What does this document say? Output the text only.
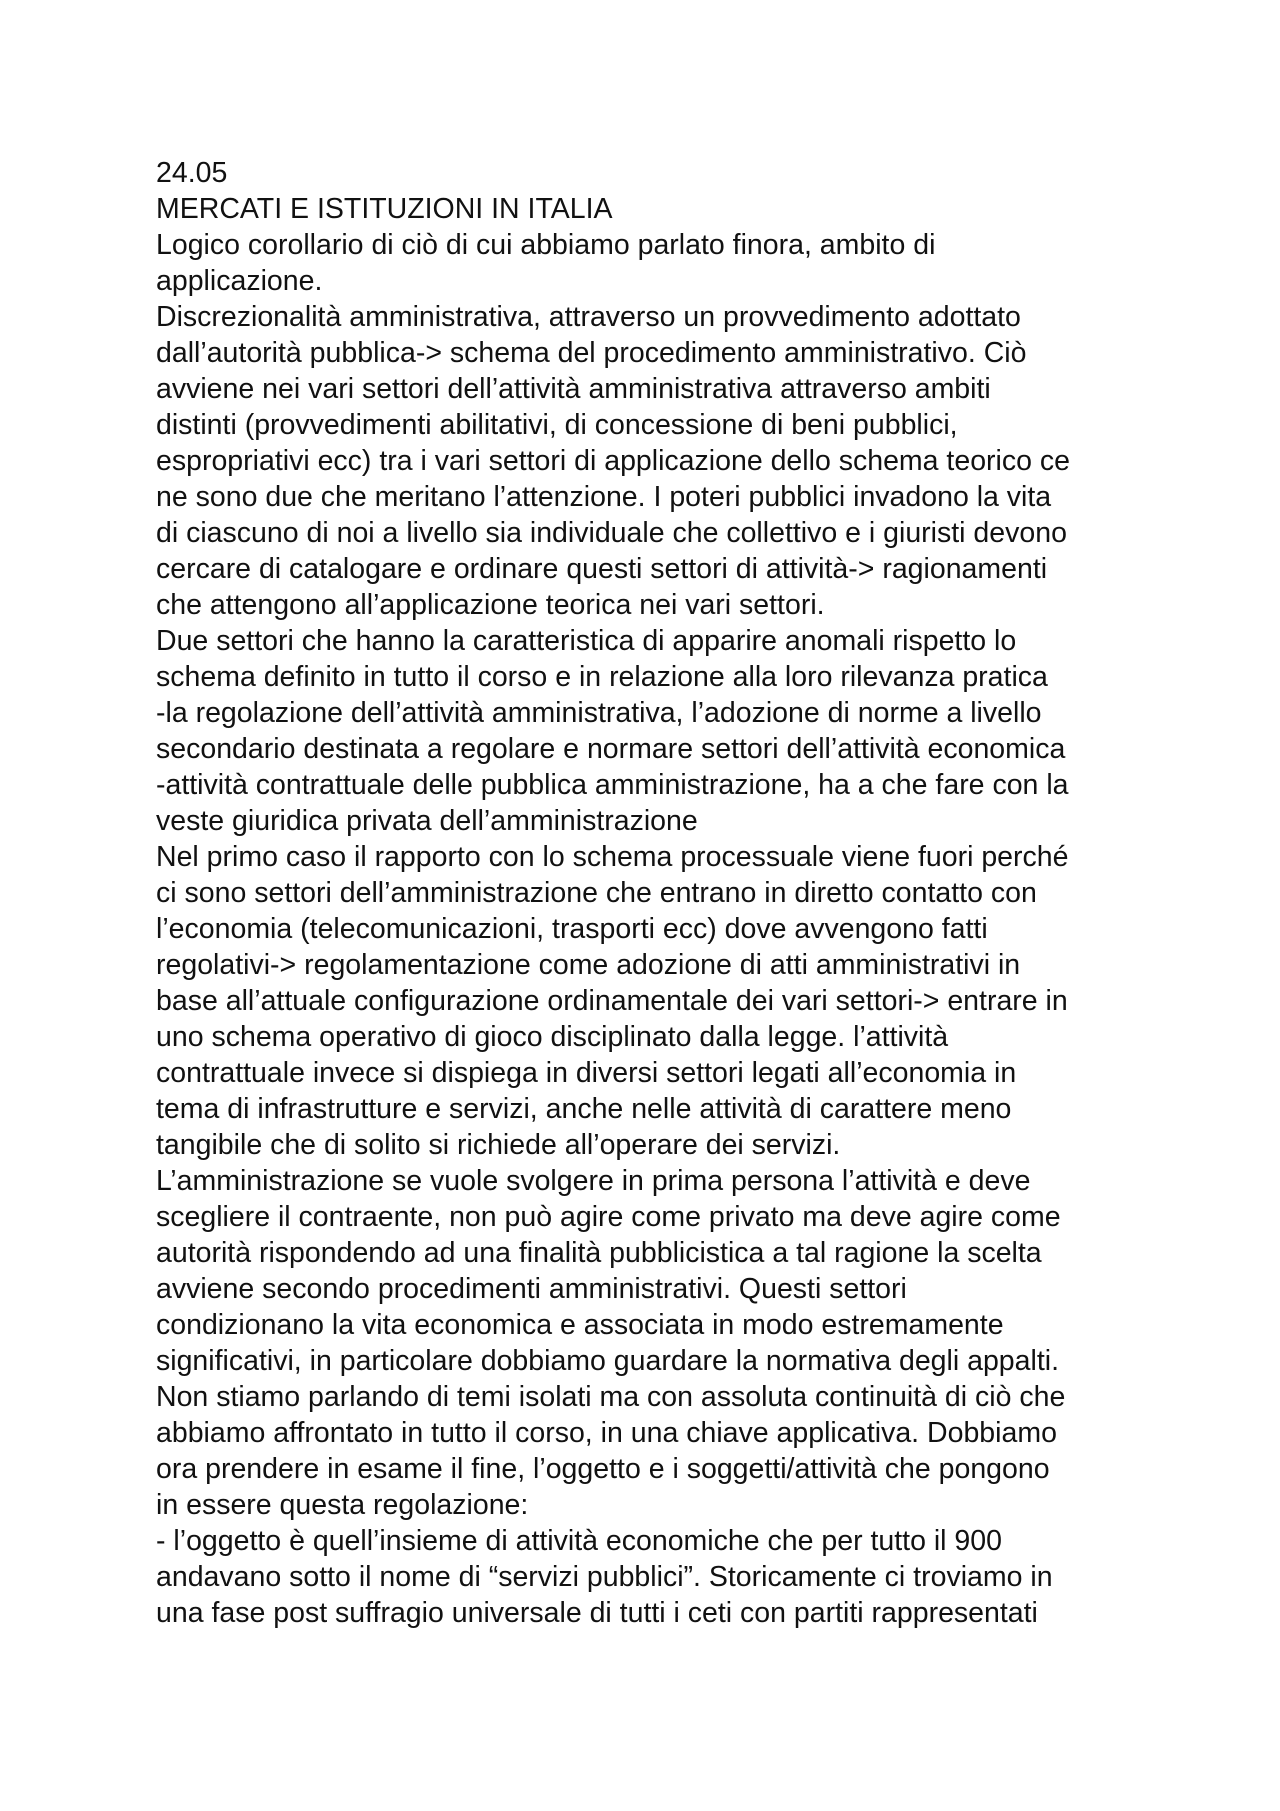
24.05
MERCATI E ISTITUZIONI IN ITALIA
Logico corollario di ciò di cui abbiamo parlato finora, ambito di
applicazione.
Discrezionalità amministrativa, attraverso un provvedimento adottato
dall’autorità pubblica-> schema del procedimento amministrativo. Ciò
avviene nei vari settori dell’attività amministrativa attraverso ambiti
distinti (provvedimenti abilitativi, di concessione di beni pubblici,
espropriativi ecc) tra i vari settori di applicazione dello schema teorico ce
ne sono due che meritano l’attenzione. I poteri pubblici invadono la vita
di ciascuno di noi a livello sia individuale che collettivo e i giuristi devono
cercare di catalogare e ordinare questi settori di attività-> ragionamenti
che attengono all’applicazione teorica nei vari settori.
Due settori che hanno la caratteristica di apparire anomali rispetto lo
schema definito in tutto il corso e in relazione alla loro rilevanza pratica
-la regolazione dell’attività amministrativa, l’adozione di norme a livello
secondario destinata a regolare e normare settori dell’attività economica
-attività contrattuale delle pubblica amministrazione, ha a che fare con la
veste giuridica privata dell’amministrazione
Nel primo caso il rapporto con lo schema processuale viene fuori perché
ci sono settori dell’amministrazione che entrano in diretto contatto con
l’economia (telecomunicazioni, trasporti ecc) dove avvengono fatti
regolativi-> regolamentazione come adozione di atti amministrativi in
base all’attuale configurazione ordinamentale dei vari settori-> entrare in
uno schema operativo di gioco disciplinato dalla legge. l’attività
contrattuale invece si dispiega in diversi settori legati all’economia in
tema di infrastrutture e servizi, anche nelle attività di carattere meno
tangibile che di solito si richiede all’operare dei servizi.
L’amministrazione se vuole svolgere in prima persona l’attività e deve
scegliere il contraente, non può agire come privato ma deve agire come
autorità rispondendo ad una finalità pubblicistica a tal ragione la scelta
avviene secondo procedimenti amministrativi. Questi settori
condizionano la vita economica e associata in modo estremamente
significativi, in particolare dobbiamo guardare la normativa degli appalti.
Non stiamo parlando di temi isolati ma con assoluta continuità di ciò che
abbiamo affrontato in tutto il corso, in una chiave applicativa. Dobbiamo
ora prendere in esame il fine, l’oggetto e i soggetti/attività che pongono
in essere questa regolazione:
- l’oggetto è quell’insieme di attività economiche che per tutto il 900
andavano sotto il nome di “servizi pubblici”. Storicamente ci troviamo in
una fase post suffragio universale di tutti i ceti con partiti rappresentati
